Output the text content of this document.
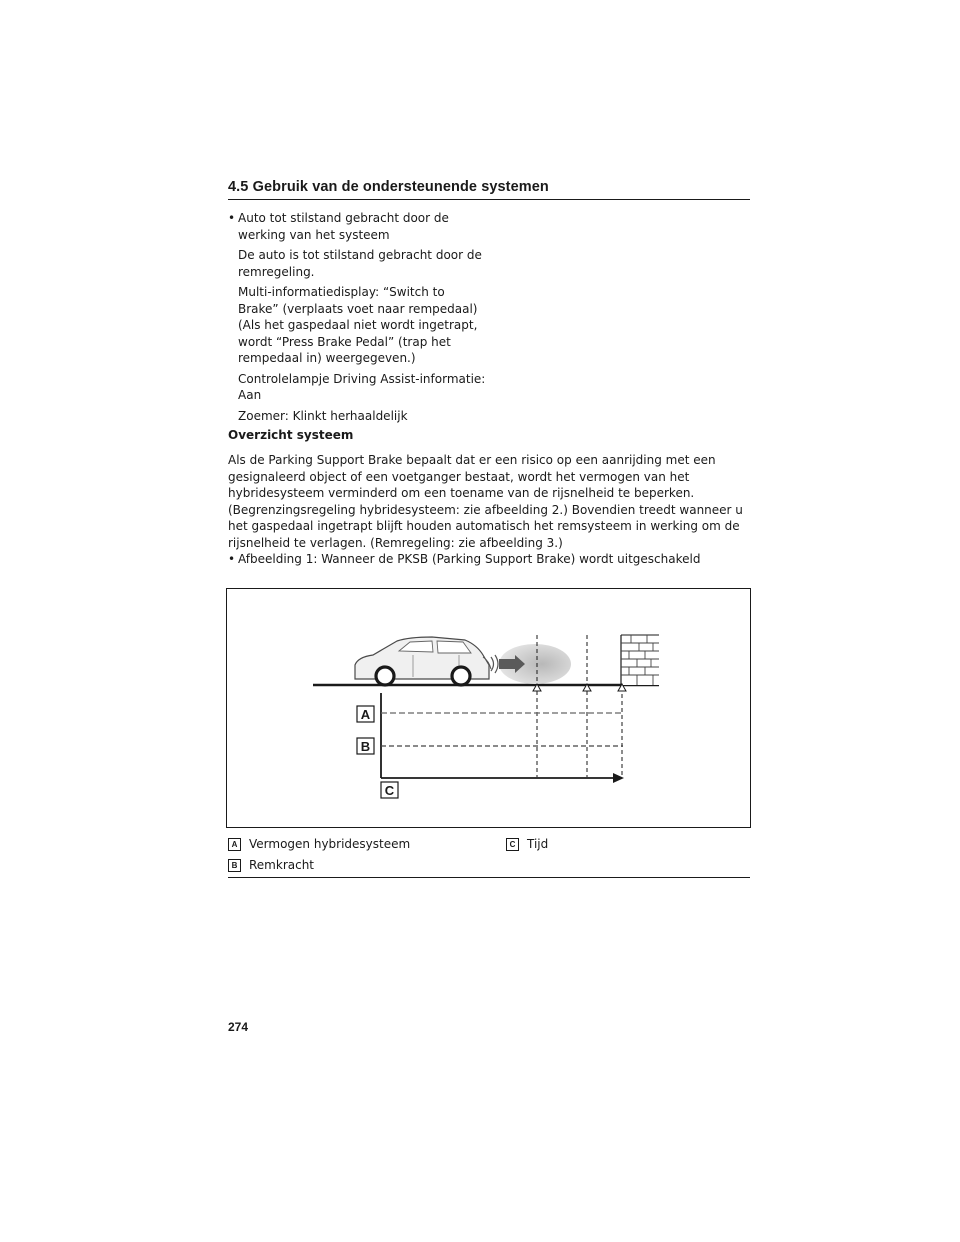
4.5 Gebruik van de ondersteunende systemen
• Auto tot stilstand gebracht door de werking van het systeem
De auto is tot stilstand gebracht door de remregeling.
Multi-informatiedisplay: “Switch to Brake” (verplaats voet naar rempedaal) (Als het gaspedaal niet wordt ingetrapt, wordt “Press Brake Pedal” (trap het rempedaal in) weergegeven.)
Controlelampje Driving Assist-informatie: Aan
Zoemer: Klinkt herhaaldelijk
Overzicht systeem
Als de Parking Support Brake bepaalt dat er een risico op een aanrijding met een gesignaleerd object of een voetganger bestaat, wordt het vermogen van het hybridesysteem verminderd om een toename van de rijsnelheid te beperken. (Begrenzingsregeling hybridesysteem: zie afbeelding 2.) Bovendien treedt wanneer u het gaspedaal ingetrapt blijft houden automatisch het remsysteem in werking om de rijsnelheid te verlagen. (Remregeling: zie afbeelding 3.)
• Afbeelding 1: Wanneer de PKSB (Parking Support Brake) wordt uitgeschakeld
A
B
C
A Vermogen hybridesysteem
B Remkracht
C Tijd
274
